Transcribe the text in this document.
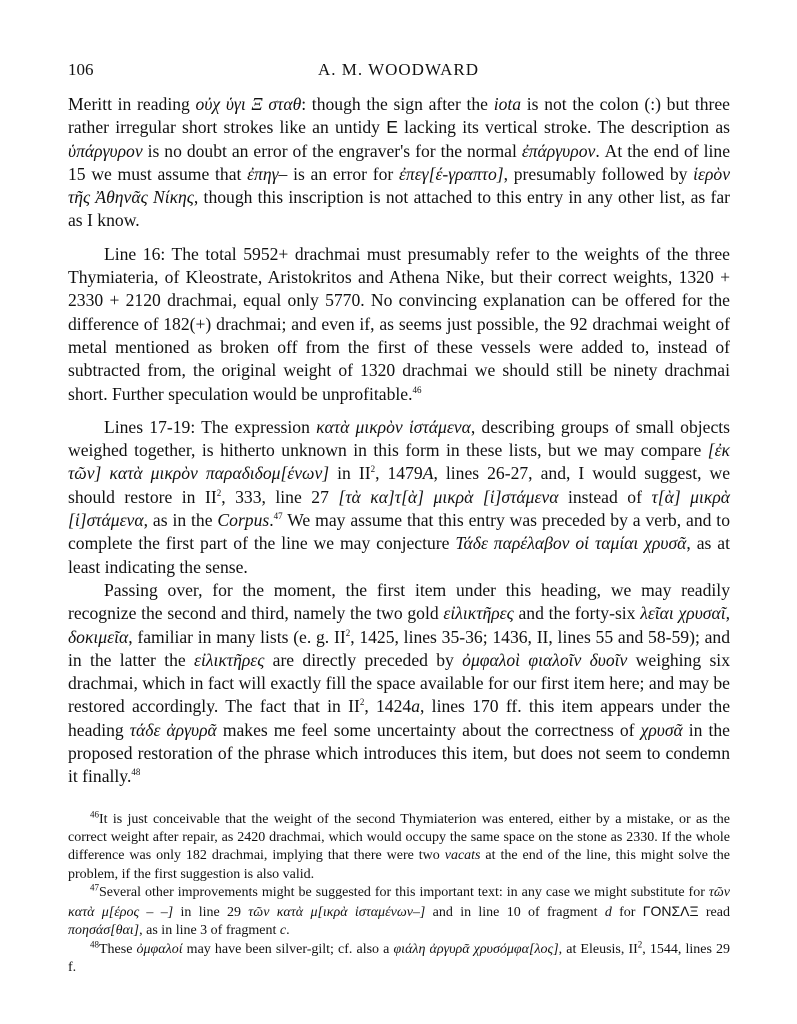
106	A. M. WOODWARD

Meritt in reading οὐχ ὑγι Ξ σταθ: though the sign after the iota is not the colon (:) but three rather irregular short strokes like an untidy E lacking its vertical stroke. The description as ὑπάργυρον is no doubt an error of the engraver's for the normal ἐπάργυρον. At the end of line 15 we must assume that ἐπηγ– is an error for ἐπεγ[έ-γραπτο], presumably followed by ἱερὸν τῆς Ἀθηνᾶς Νίκης, though this inscription is not attached to this entry in any other list, as far as I know.

Line 16: The total 5952+ drachmai must presumably refer to the weights of the three Thymiateria, of Kleostrate, Aristokritos and Athena Nike, but their correct weights, 1320 + 2330 + 2120 drachmai, equal only 5770. No convincing explanation can be offered for the difference of 182(+) drachmai; and even if, as seems just possible, the 92 drachmai weight of metal mentioned as broken off from the first of these vessels were added to, instead of subtracted from, the original weight of 1320 drachmai we should still be ninety drachmai short. Further speculation would be unprofitable.$^{46}$

Lines 17-19: The expression κατὰ μικρὸν ἱστάμενα, describing groups of small objects weighed together, is hitherto unknown in this form in these lists, but we may compare [ἐκ τῶν] κατὰ μικρὸν παραδιδομ[ένων] in $II^2$, 1479A, lines 26-27, and, I would suggest, we should restore in $II^2$, 333, line 27 [τὰ κα]τ[ὰ] μικρὰ [ἱ]στάμενα instead of τ[ὰ] μικρὰ [ἱ]στάμενα, as in the Corpus.$^{47}$ We may assume that this entry was preceded by a verb, and to complete the first part of the line we may conjecture Τάδε παρέλαβον οἱ ταμίαι χρυσᾶ, as at least indicating the sense.

Passing over, for the moment, the first item under this heading, we may readily recognize the second and third, namely the two gold εἰλικτῆρες and the forty-six λεῖαι χρυσαῖ, δοκιμεῖα, familiar in many lists (e. g. $II^2$, 1425, lines 35-36; 1436, II, lines 55 and 58-59); and in the latter the εἰλικτῆρες are directly preceded by ὀμφαλοὶ φιαλοῖν δυοῖν weighing six drachmai, which in fact will exactly fill the space available for our first item here; and may be restored accordingly. The fact that in $II^2$, 1424a, lines 170 ff. this item appears under the heading τάδε ἀργυρᾶ makes me feel some uncertainty about the correctness of χρυσᾶ in the proposed restoration of the phrase which introduces this item, but does not seem to condemn it finally.$^{48}$

$^{46}$It is just conceivable that the weight of the second Thymiaterion was entered, either by a mistake, or as the correct weight after repair, as 2420 drachmai, which would occupy the same space on the stone as 2330. If the whole difference was only 182 drachmai, implying that there were two vacats at the end of the line, this might solve the problem, if the first suggestion is also valid.

$^{47}$Several other improvements might be suggested for this important text: in any case we might substitute for τῶν κατὰ μ[έρος – –] in line 29 τῶν κατὰ μ[ικρὰ ἱσταμένων–] and in line 10 of fragment d for ΓΟΝΣΛΞ read ποησάσ[θαι], as in line 3 of fragment c.

$^{48}$These ὀμφαλοί may have been silver-gilt; cf. also a φιάλη ἀργυρᾶ χρυσόμφα[λος], at Eleusis, $II^2$, 1544, lines 29 f.
